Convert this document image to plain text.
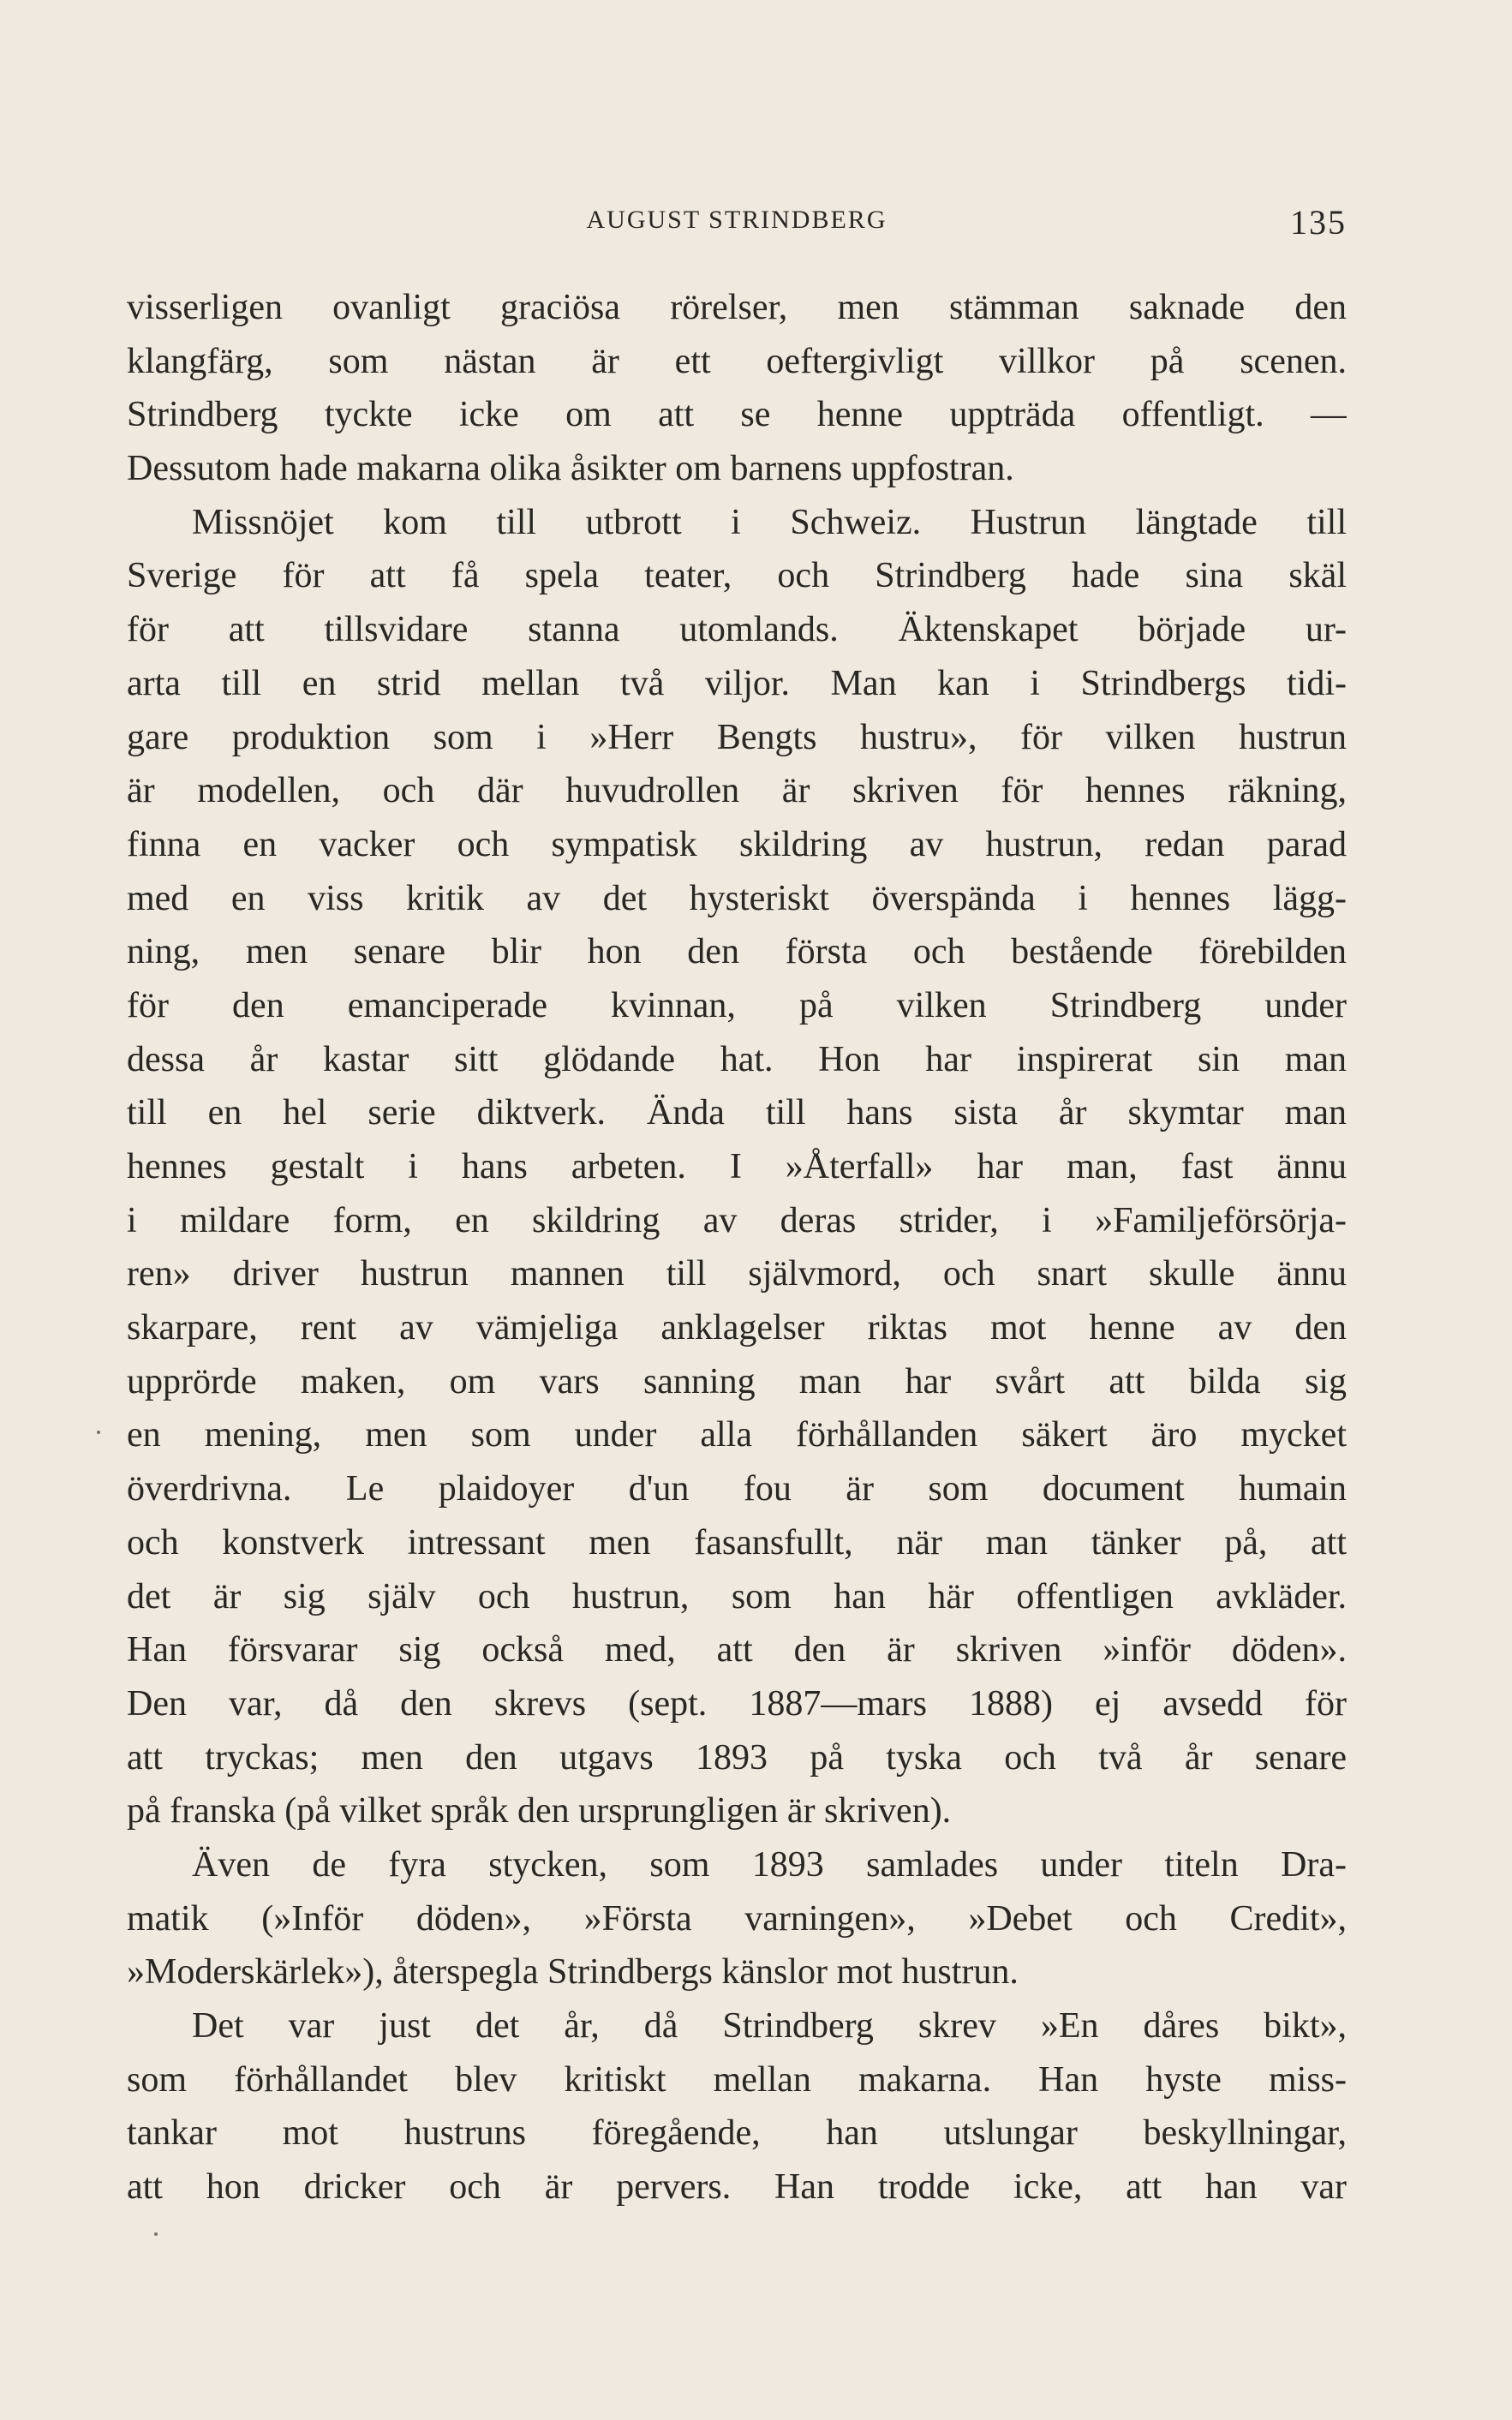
AUGUST STRINDBERG	135
visserligen ovanligt graciösa rörelser, men stämman saknade den
klangfärg, som nästan är ett oeftergivligt villkor på scenen.
Strindberg tyckte icke om att se henne uppträda offentligt. —
Dessutom hade makarna olika åsikter om barnens uppfostran.
Missnöjet kom till utbrott i Schweiz. Hustrun längtade till
Sverige för att få spela teater, och Strindberg hade sina skäl
för att tillsvidare stanna utomlands. Äktenskapet började ur-
arta till en strid mellan två viljor. Man kan i Strindbergs tidi-
gare produktion som i »Herr Bengts hustru», för vilken hustrun
är modellen, och där huvudrollen är skriven för hennes räkning,
finna en vacker och sympatisk skildring av hustrun, redan parad
med en viss kritik av det hysteriskt överspända i hennes lägg-
ning, men senare blir hon den första och bestående förebilden
för den emanciperade kvinnan, på vilken Strindberg under
dessa år kastar sitt glödande hat. Hon har inspirerat sin man
till en hel serie diktverk. Ända till hans sista år skymtar man
hennes gestalt i hans arbeten. I »Återfall» har man, fast ännu
i mildare form, en skildring av deras strider, i »Familjeförsörja-
ren» driver hustrun mannen till självmord, och snart skulle ännu
skarpare, rent av vämjeliga anklagelser riktas mot henne av den
upprörde maken, om vars sanning man har svårt att bilda sig
en mening, men som under alla förhållanden säkert äro mycket
överdrivna. Le plaidoyer d'un fou är som document humain
och konstverk intressant men fasansfullt, när man tänker på, att
det är sig själv och hustrun, som han här offentligen avkläder.
Han försvarar sig också med, att den är skriven »inför döden».
Den var, då den skrevs (sept. 1887—mars 1888) ej avsedd för
att tryckas; men den utgavs 1893 på tyska och två år senare
på franska (på vilket språk den ursprungligen är skriven).
Även de fyra stycken, som 1893 samlades under titeln Dra-
matik (»Inför döden», »Första varningen», »Debet och Credit»,
»Moderskärlek»), återspegla Strindbergs känslor mot hustrun.
Det var just det år, då Strindberg skrev »En dåres bikt»,
som förhållandet blev kritiskt mellan makarna. Han hyste miss-
tankar mot hustruns föregående, han utslungar beskyllningar,
att hon dricker och är pervers. Han trodde icke, att han var
